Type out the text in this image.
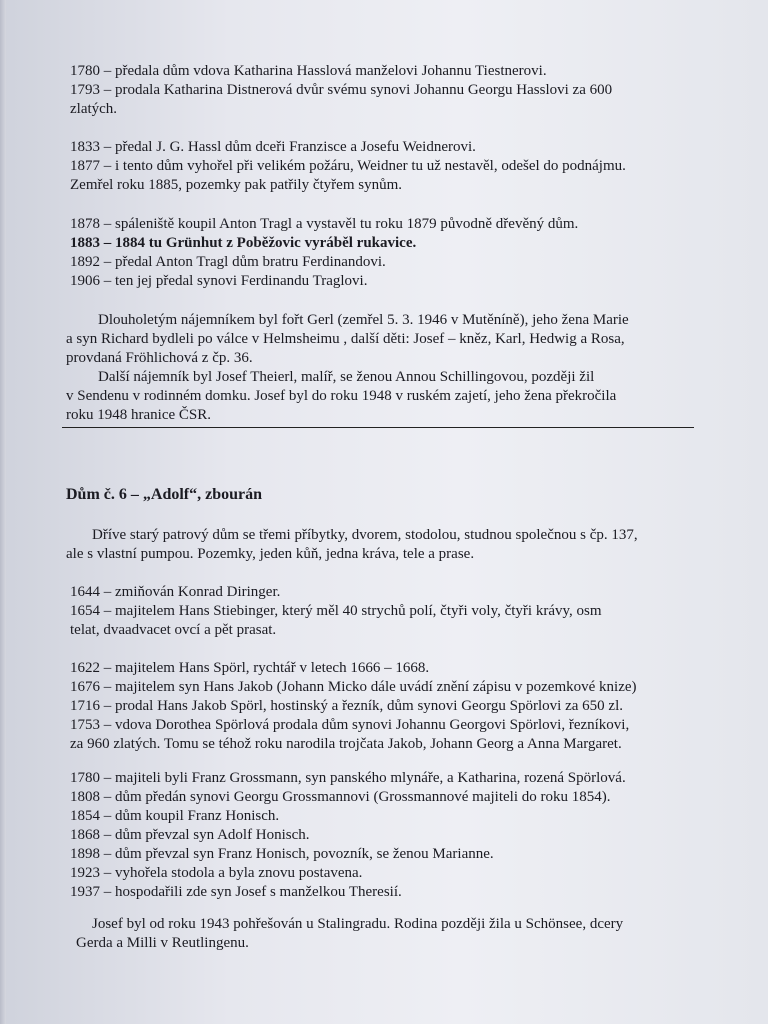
1780 – předala dům vdova Katharina Hasslová manželovi Johannu Tiestnerovi.
1793 – prodala Katharina Distnerová dvůr svému synovi Johannu Georgu Hasslovi za 600
zlatých.
1833 – předal J. G. Hassl dům dceři Franzisce a Josefu Weidnerovi.
1877 – i tento dům vyhořel při velikém požáru, Weidner tu už nestavěl, odešel do podnájmu.
Zemřel roku 1885, pozemky pak patřily čtyřem synům.
1878 – spáleniště koupil Anton Tragl a vystavěl tu roku 1879 původně dřevěný dům.
1883 – 1884 tu Grünhut z Poběžovic vyráběl rukavice.
1892 – předal Anton Tragl dům bratru Ferdinandovi.
1906 – ten jej předal synovi Ferdinandu Traglovi.
Dlouholetým nájemníkem byl fořt Gerl (zemřel 5. 3. 1946 v Mutěníně), jeho žena Marie
a syn Richard bydleli po válce v Helmsheimu , další děti: Josef – kněz, Karl, Hedwig a Rosa,
provdaná Fröhlichová z čp. 36.
Další nájemník byl Josef Theierl, malíř, se ženou Annou Schillingovou, později žil
v Sendenu v rodinném domku. Josef byl do roku 1948 v ruském zajetí, jeho žena překročila
roku 1948 hranice ČSR.
Dům č. 6 – „Adolf“, zbourán
Dříve starý patrový dům se třemi příbytky, dvorem, stodolou, studnou společnou s čp. 137,
ale s vlastní pumpou. Pozemky, jeden kůň, jedna kráva, tele a prase.
1644 – zmiňován Konrad Diringer.
1654 – majitelem Hans Stiebinger, který měl 40 strychů polí, čtyři voly, čtyři krávy, osm
telat, dvaadvacet ovcí a pět prasat.
1622 – majitelem Hans Spörl, rychtář v letech 1666 – 1668.
1676 – majitelem syn Hans Jakob (Johann Micko dále uvádí znění zápisu v pozemkové knize)
1716 – prodal Hans Jakob Spörl, hostinský a řezník, dům synovi Georgu Spörlovi za 650 zl.
1753 – vdova Dorothea Spörlová prodala dům synovi Johannu Georgovi Spörlovi, řezníkovi,
za 960 zlatých. Tomu se téhož roku narodila trojčata Jakob, Johann Georg a Anna Margaret.
1780 – majiteli byli Franz Grossmann, syn panského mlynáře, a Katharina, rozená Spörlová.
1808 – dům předán synovi Georgu Grossmannovi (Grossmannové majiteli do roku 1854).
1854 – dům koupil Franz Honisch.
1868 – dům převzal syn Adolf Honisch.
1898 – dům převzal syn Franz Honisch, povozník, se ženou Marianne.
1923 – vyhořela stodola a byla znovu postavena.
1937 – hospodařili zde syn Josef s manželkou Theresií.
Josef byl od roku 1943 pohřešován u Stalingradu. Rodina později žila u Schönsee, dcery
Gerda a Milli v Reutlingenu.
